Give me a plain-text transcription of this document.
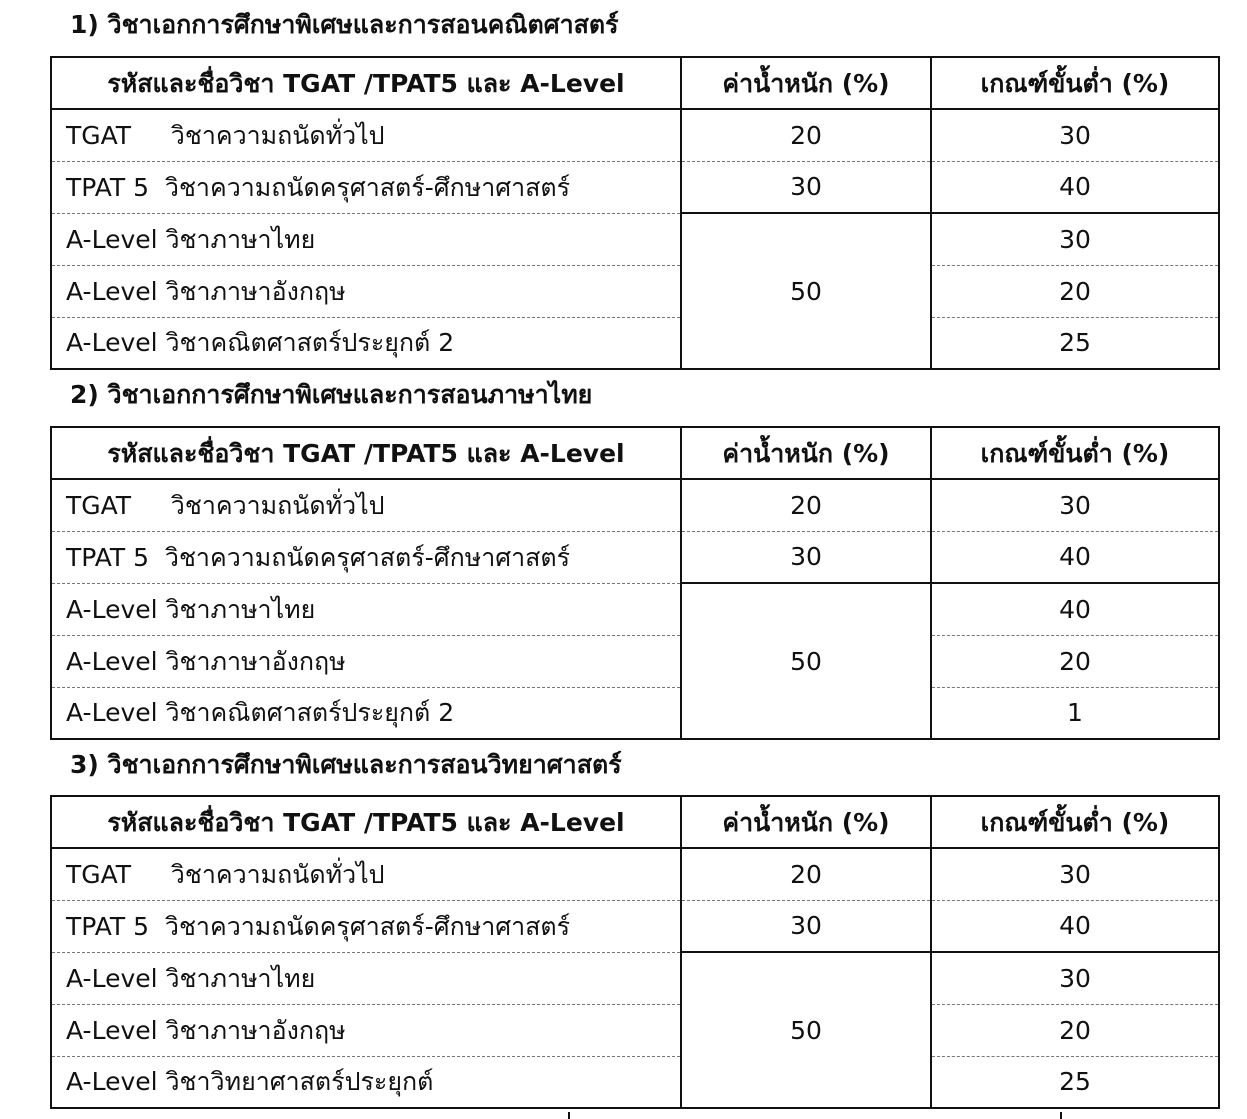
1) วิชาเอกการศึกษาพิเศษและการสอนคณิตศาสตร์
รหัสและชื่อวิชา TGAT /TPAT5 และ A-Level	ค่าน้ำหนัก (%)	เกณฑ์ขั้นต่ำ (%)
TGAT     วิชาความถนัดทั่วไป	20	30
TPAT 5  วิชาความถนัดครุศาสตร์-ศึกษาศาสตร์	30	40
A-Level วิชาภาษาไทย	50	30
A-Level วิชาภาษาอังกฤษ		20
A-Level วิชาคณิตศาสตร์ประยุกต์ 2		25
2) วิชาเอกการศึกษาพิเศษและการสอนภาษาไทย
รหัสและชื่อวิชา TGAT /TPAT5 และ A-Level	ค่าน้ำหนัก (%)	เกณฑ์ขั้นต่ำ (%)
TGAT     วิชาความถนัดทั่วไป	20	30
TPAT 5  วิชาความถนัดครุศาสตร์-ศึกษาศาสตร์	30	40
A-Level วิชาภาษาไทย	50	40
A-Level วิชาภาษาอังกฤษ		20
A-Level วิชาคณิตศาสตร์ประยุกต์ 2		1
3) วิชาเอกการศึกษาพิเศษและการสอนวิทยาศาสตร์
รหัสและชื่อวิชา TGAT /TPAT5 และ A-Level	ค่าน้ำหนัก (%)	เกณฑ์ขั้นต่ำ (%)
TGAT     วิชาความถนัดทั่วไป	20	30
TPAT 5  วิชาความถนัดครุศาสตร์-ศึกษาศาสตร์	30	40
A-Level วิชาภาษาไทย	50	30
A-Level วิชาภาษาอังกฤษ		20
A-Level วิชาวิทยาศาสตร์ประยุกต์		25
